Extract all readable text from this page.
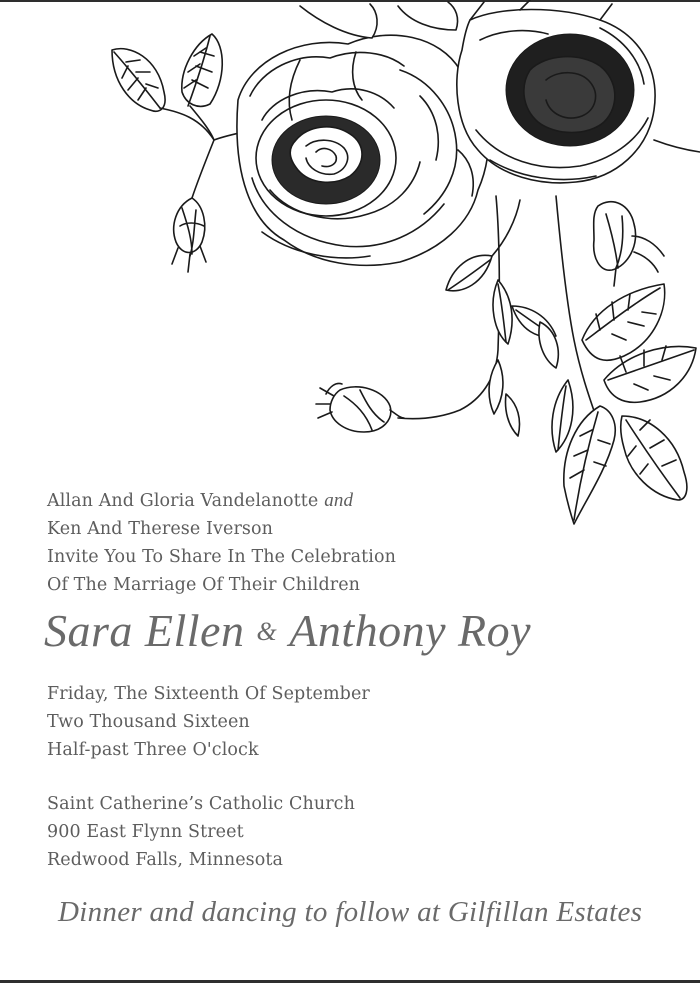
Allan And Gloria Vandelanotte and
Ken And Therese Iverson
Invite You To Share In The Celebration
Of The Marriage Of Their Children
Sara Ellen & Anthony Roy
Friday, The Sixteenth Of September
Two Thousand Sixteen
Half-past Three O'clock
Saint Catherine’s Catholic Church
900 East Flynn Street
Redwood Falls, Minnesota
Dinner and dancing to follow at Gilfillan Estates
